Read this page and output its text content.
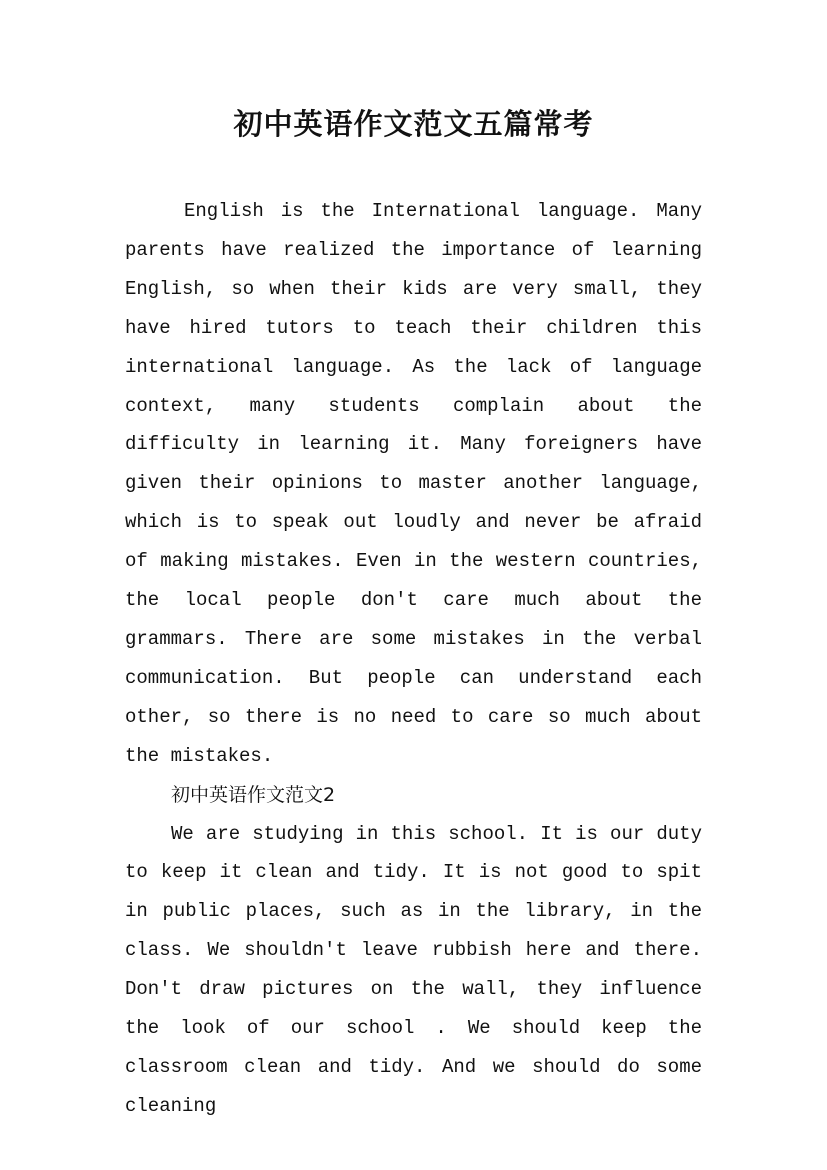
初中英语作文范文五篇常考

English is the International language. Many parents have realized the importance of learning English, so when their kids are very small, they have hired tutors to teach their children this international language. As the lack of language context, many students complain about the difficulty in learning it. Many foreigners have given their opinions to master another language, which is to speak out loudly and never be afraid of making mistakes. Even in the western countries, the local people don't care much about the grammars. There are some mistakes in the verbal communication. But people can understand each other, so there is no need to care so much about the mistakes.

初中英语作文范文2

We are studying in this school. It is our duty to keep it clean and tidy. It is not good to spit in public places, such as in the library, in the class. We shouldn't leave rubbish here and there. Don't draw pictures on the wall, they influence the look of our school . We should keep the classroom clean and tidy. And we should do some cleaning
